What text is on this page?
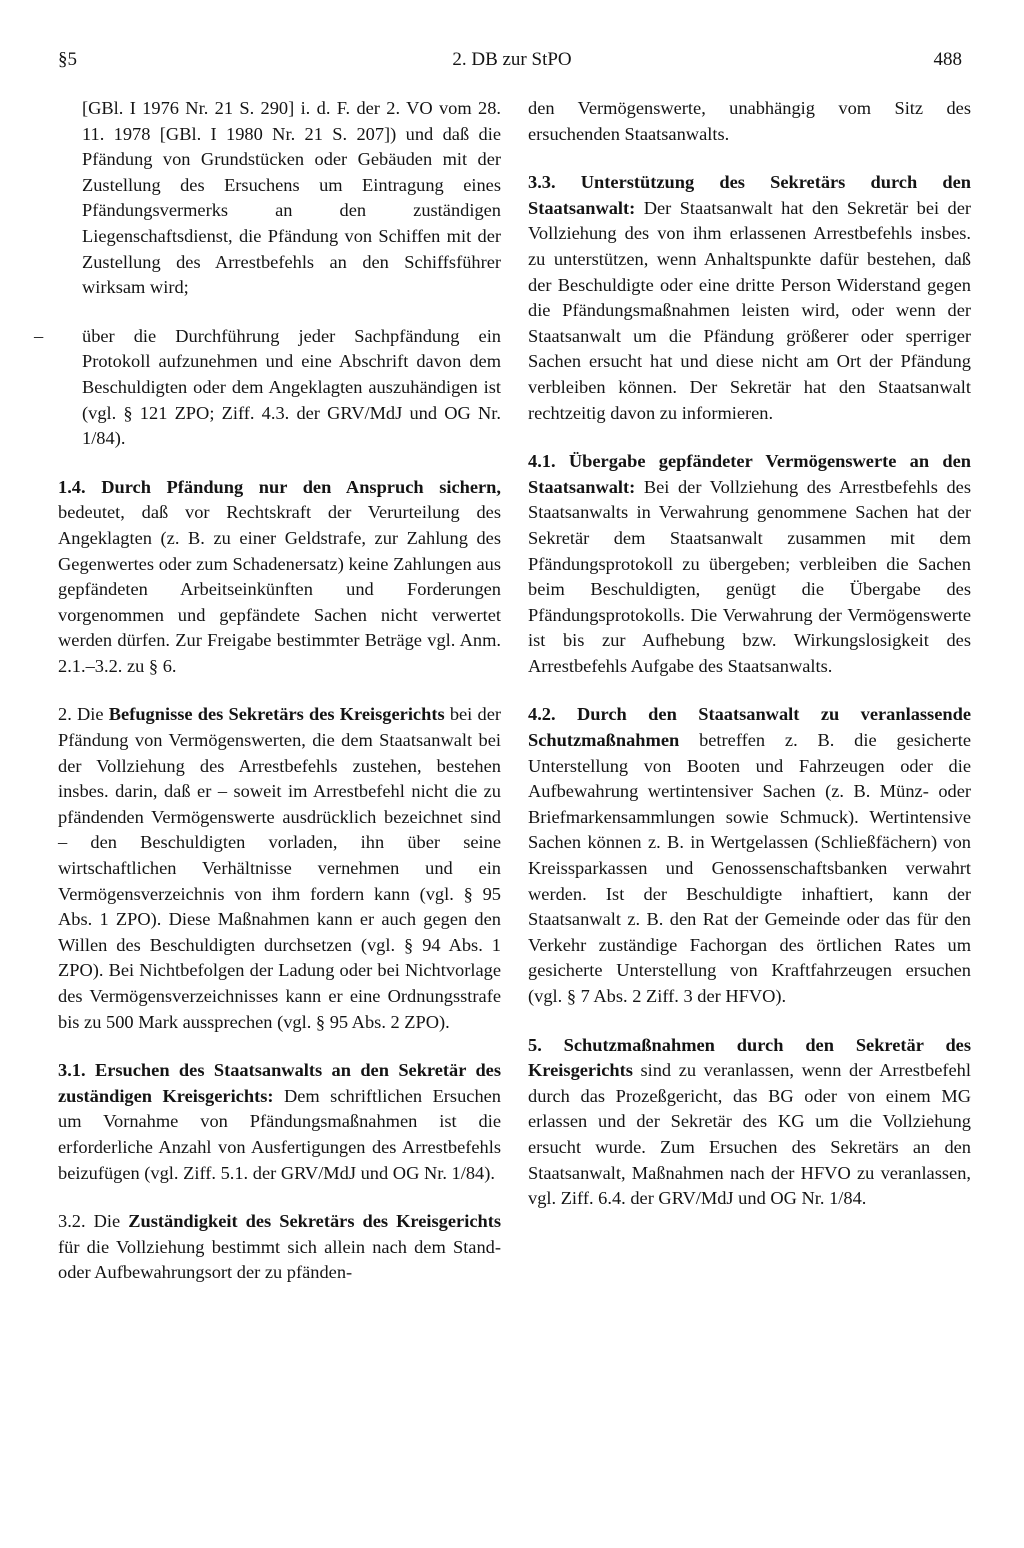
§5	2. DB zur StPO	488

[GBl. I 1976 Nr. 21 S. 290] i. d. F. der 2. VO vom 28. 11. 1978 [GBl. I 1980 Nr. 21 S. 207]) und daß die Pfändung von Grundstücken oder Gebäuden mit der Zustellung des Ersuchens um Eintragung eines Pfändungsvermerks an den zuständigen Liegenschaftsdienst, die Pfändung von Schiffen mit der Zustellung des Arrestbefehls an den Schiffsführer wirksam wird;

– über die Durchführung jeder Sachpfändung ein Protokoll aufzunehmen und eine Abschrift davon dem Beschuldigten oder dem Angeklagten auszuhändigen ist (vgl. § 121 ZPO; Ziff. 4.3. der GRV/MdJ und OG Nr. 1/84).

1.4. Durch Pfändung nur den Anspruch sichern, bedeutet, daß vor Rechtskraft der Verurteilung des Angeklagten (z. B. zu einer Geldstrafe, zur Zahlung des Gegenwertes oder zum Schadenersatz) keine Zahlungen aus gepfändeten Arbeitseinkünften und Forderungen vorgenommen und gepfändete Sachen nicht verwertet werden dürfen. Zur Freigabe bestimmter Beträge vgl. Anm. 2.1.–3.2. zu § 6.

2. Die Befugnisse des Sekretärs des Kreisgerichts bei der Pfändung von Vermögenswerten, die dem Staatsanwalt bei der Vollziehung des Arrestbefehls zustehen, bestehen insbes. darin, daß er – soweit im Arrestbefehl nicht die zu pfändenden Vermögenswerte ausdrücklich bezeichnet sind – den Beschuldigten vorladen, ihn über seine wirtschaftlichen Verhältnisse vernehmen und ein Vermögensverzeichnis von ihm fordern kann (vgl. § 95 Abs. 1 ZPO). Diese Maßnahmen kann er auch gegen den Willen des Beschuldigten durchsetzen (vgl. § 94 Abs. 1 ZPO). Bei Nichtbefolgen der Ladung oder bei Nichtvorlage des Vermögensverzeichnisses kann er eine Ordnungsstrafe bis zu 500 Mark aussprechen (vgl. § 95 Abs. 2 ZPO).

3.1. Ersuchen des Staatsanwalts an den Sekretär des zuständigen Kreisgerichts: Dem schriftlichen Ersuchen um Vornahme von Pfändungsmaßnahmen ist die erforderliche Anzahl von Ausfertigungen des Arrestbefehls beizufügen (vgl. Ziff. 5.1. der GRV/MdJ und OG Nr. 1/84).

3.2. Die Zuständigkeit des Sekretärs des Kreisgerichts für die Vollziehung bestimmt sich allein nach dem Stand- oder Aufbewahrungsort der zu pfänden-

den Vermögenswerte, unabhängig vom Sitz des ersuchenden Staatsanwalts.

3.3. Unterstützung des Sekretärs durch den Staatsanwalt: Der Staatsanwalt hat den Sekretär bei der Vollziehung des von ihm erlassenen Arrestbefehls insbes. zu unterstützen, wenn Anhaltspunkte dafür bestehen, daß der Beschuldigte oder eine dritte Person Widerstand gegen die Pfändungsmaßnahmen leisten wird, oder wenn der Staatsanwalt um die Pfändung größerer oder sperriger Sachen ersucht hat und diese nicht am Ort der Pfändung verbleiben können. Der Sekretär hat den Staatsanwalt rechtzeitig davon zu informieren.

4.1. Übergabe gepfändeter Vermögenswerte an den Staatsanwalt: Bei der Vollziehung des Arrestbefehls des Staatsanwalts in Verwahrung genommene Sachen hat der Sekretär dem Staatsanwalt zusammen mit dem Pfändungsprotokoll zu übergeben; verbleiben die Sachen beim Beschuldigten, genügt die Übergabe des Pfändungsprotokolls. Die Verwahrung der Vermögenswerte ist bis zur Aufhebung bzw. Wirkungslosigkeit des Arrestbefehls Aufgabe des Staatsanwalts.

4.2. Durch den Staatsanwalt zu veranlassende Schutzmaßnahmen betreffen z. B. die gesicherte Unterstellung von Booten und Fahrzeugen oder die Aufbewahrung wertintensiver Sachen (z. B. Münz- oder Briefmarkensammlungen sowie Schmuck). Wertintensive Sachen können z. B. in Wertgelassen (Schließfächern) von Kreissparkassen und Genossenschaftsbanken verwahrt werden. Ist der Beschuldigte inhaftiert, kann der Staatsanwalt z. B. den Rat der Gemeinde oder das für den Verkehr zuständige Fachorgan des örtlichen Rates um gesicherte Unterstellung von Kraftfahrzeugen ersuchen (vgl. § 7 Abs. 2 Ziff. 3 der HFVO).

5. Schutzmaßnahmen durch den Sekretär des Kreisgerichts sind zu veranlassen, wenn der Arrestbefehl durch das Prozeßgericht, das BG oder von einem MG erlassen und der Sekretär des KG um die Vollziehung ersucht wurde. Zum Ersuchen des Sekretärs an den Staatsanwalt, Maßnahmen nach der HFVO zu veranlassen, vgl. Ziff. 6.4. der GRV/MdJ und OG Nr. 1/84.
